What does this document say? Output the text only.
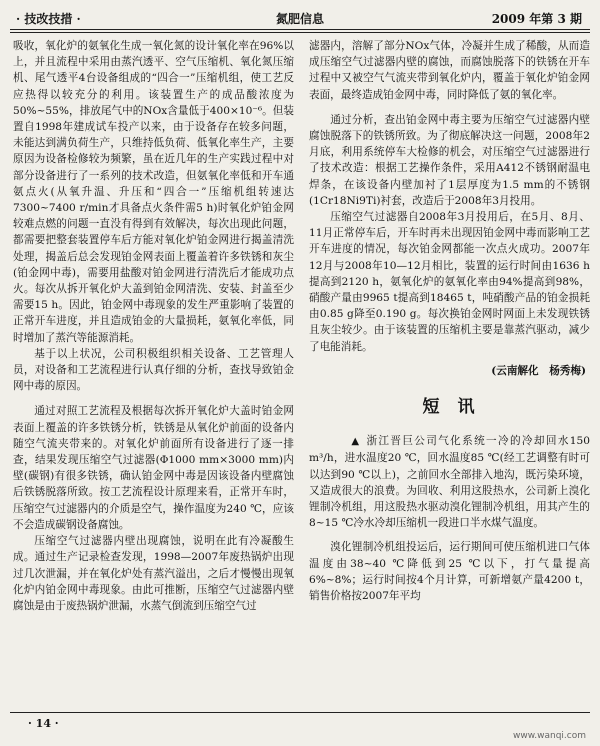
· 技改技措 ·	氮肥信息	2009 年第 3 期

吸收，氧化炉的氨氧化生成一氧化氮的设计氧化率在96%以上，并且流程中采用由蒸汽透平、空气压缩机、氧化氮压缩机、尾气透平4台设备组成的“四合一”压缩机组，使工艺反应热得以较充分的利用。该装置生产的成品酸浓度为50%~55%，排放尾气中的NOx含量低于400×10⁻⁶。但装置自1998年建成试车投产以来，由于设备存在较多问题，未能达到满负荷生产，只维持低负荷、低氧化率生产，主要原因为设备检修较为频繁，虽在近几年的生产实践过程中对部分设备进行了一系列的技术改造，但氨氧化率低和开车通氨点火(从氧升温、升压和“四合一”压缩机组转速达7300~7400 r/min才具备点火条件需5 h)时氧化炉铂金网较难点燃的问题一直没有得到有效解决，每次出现此问题，都需要把整套装置停车后方能对氧化炉铂金网进行揭盖清洗处理，揭盖后总会发现铂金网表面上覆盖着许多铁锈和灰尘(铂金网中毒)，需要用盐酸对铂金网进行清洗后才能成功点火。每次从拆开氧化炉大盖到铂金网清洗、安装、封盖至少需要15 h。因此，铂金网中毒现象的发生严重影响了装置的正常开车进度，并且造成铂金的大量损耗，氨氧化率低，同时增加了蒸汽等能源消耗。

基于以上状况，公司积极组织相关设备、工艺管理人员，对设备和工艺流程进行认真仔细的分析，查找导致铂金网中毒的原因。

通过对照工艺流程及根据每次拆开氧化炉大盖时铂金网表面上覆盖的许多铁锈分析，铁锈是从氧化炉前面的设备内随空气流夹带来的。对氧化炉前面所有设备进行了逐一排查，结果发现压缩空气过滤器(Φ1000 mm×3000 mm)内壁(碳钢)有很多铁锈，确认铂金网中毒是因该设备内壁腐蚀后铁锈脱落所致。按工艺流程设计原理来看，正常开车时，压缩空气过滤器内的介质是空气，操作温度为240 ℃，应该不会造成碳钢设备腐蚀。

压缩空气过滤器内壁出现腐蚀，说明在此有冷凝酸生成。通过生产记录检查发现，1998—2007年废热锅炉出现过几次泄漏，并在氧化炉处有蒸汽溢出，之后才慢慢出现氧化炉内铂金网中毒现象。由此可推断，压缩空气过滤器内壁腐蚀是由于废热锅炉泄漏，水蒸气倒流到压缩空气过

滤器内，溶解了部分NOx气体，冷凝并生成了稀酸，从而造成压缩空气过滤器内壁的腐蚀，而腐蚀脱落下的铁锈在开车过程中又被空气气流夹带到氧化炉内，覆盖于氧化炉铂金网表面，最终造成铂金网中毒，同时降低了氨的氧化率。

通过分析，查出铂金网中毒主要为压缩空气过滤器内壁腐蚀脱落下的铁锈所致。为了彻底解决这一问题，2008年2月底，利用系统停车大检修的机会，对压缩空气过滤器进行了技术改造：根据工艺操作条件，采用A412不锈钢耐温电焊条，在该设备内壁加衬了1层厚度为1.5 mm的不锈钢(1Cr18Ni9Ti)衬套，改造后于2008年3月投用。

压缩空气过滤器自2008年3月投用后，在5月、8月、11月正常停车后，开车时再未出现因铂金网中毒而影响工艺开车进度的情况，每次铂金网都能一次点火成功。2007年12月与2008年10—12月相比，装置的运行时间由1636 h提高到2120 h，氨氧化炉的氨氧化率由94%提高到98%，硝酸产量由9965 t提高到18465 t，吨硝酸产品的铂金损耗由0.85 g降至0.190 g。每次换铂金网时网面上未发现铁锈且灰尘较少。由于该装置的压缩机主要是靠蒸汽驱动，减少了电能消耗。

(云南解化　杨秀梅)
短讯

▲ 浙江晋巨公司气化系统一冷的冷却回水150 m³/h，进水温度20 ℃，回水温度85 ℃(经工艺调整有时可以达到90 ℃以上)，之前回水全部排入地沟，既污染环境，又造成很大的浪费。为回收、利用这股热水，公司新上溴化锂制冷机组，用这股热水驱动溴化锂制冷机组，用其产生的8~15 ℃冷水冷却压缩机一段进口半水煤气温度。

溴化锂制冷机组投运后，运行期间可使压缩机进口气体温度由38~40 ℃降低到25 ℃以下，打气量提高6%~8%；运行时间按4个月计算，可新增氨产量4200 t，销售价格按2007年平均

· 14 ·
www.wanqi.com
